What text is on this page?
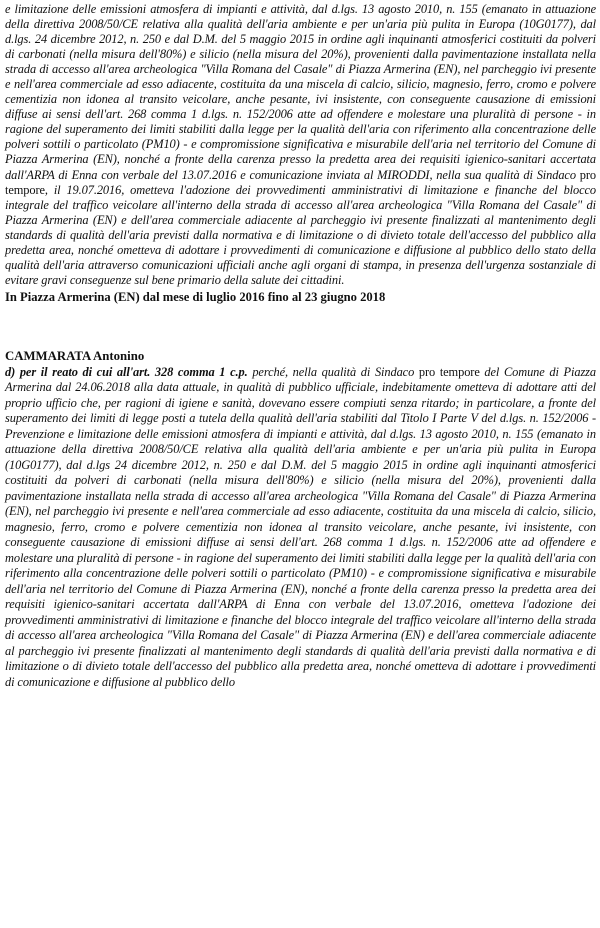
e limitazione delle emissioni atmosfera di impianti e attività, dal d.lgs. 13 agosto 2010, n. 155 (emanato in attuazione della direttiva 2008/50/CE relativa alla qualità dell'aria ambiente e per un'aria più pulita in Europa (10G0177), dal d.lgs. 24 dicembre 2012, n. 250 e dal D.M. del 5 maggio 2015 in ordine agli inquinanti atmosferici costituiti da polveri di carbonati (nella misura dell'80%) e silicio (nella misura del 20%), provenienti dalla pavimentazione installata nella strada di accesso all'area archeologica "Villa Romana del Casale" di Piazza Armerina (EN), nel parcheggio ivi presente e nell'area commerciale ad esso adiacente, costituita da una miscela di calcio, silicio, magnesio, ferro, cromo e polvere cementizia non idonea al transito veicolare, anche pesante, ivi insistente, con conseguente causazione di emissioni diffuse ai sensi dell'art. 268 comma 1 d.lgs. n. 152/2006 atte ad offendere e molestare una pluralità di persone - in ragione del superamento dei limiti stabiliti dalla legge per la qualità dell'aria con riferimento alla concentrazione delle polveri sottili o particolato (PM10) - e compromissione significativa e misurabile dell'aria nel territorio del Comune di Piazza Armerina (EN), nonché a fronte della carenza presso la predetta area dei requisiti igienico-sanitari accertata dall'ARPA di Enna con verbale del 13.07.2016 e comunicazione inviata al MIRODDI, nella sua qualità di Sindaco pro tempore, il 19.07.2016, ometteva l'adozione dei provvedimenti amministrativi di limitazione e finanche del blocco integrale del traffico veicolare all'interno della strada di accesso all'area archeologica "Villa Romana del Casale" di Piazza Armerina (EN) e dell'area commerciale adiacente al parcheggio ivi presente finalizzati al mantenimento degli standards di qualità dell'aria previsti dalla normativa e di limitazione o di divieto totale dell'accesso del pubblico alla predetta area, nonché ometteva di adottare i provvedimenti di comunicazione e diffusione al pubblico dello stato della qualità dell'aria attraverso comunicazioni ufficiali anche agli organi di stampa, in presenza dell'urgenza sostanziale di evitare gravi conseguenze sul bene primario della salute dei cittadini.

In Piazza Armerina (EN) dal mese di luglio 2016 fino al 23 giugno 2018

CAMMARATA Antonino

d) per il reato di cui all'art. 328 comma 1 c.p. perché, nella qualità di Sindaco pro tempore del Comune di Piazza Armerina dal 24.06.2018 alla data attuale, in qualità di pubblico ufficiale, indebitamente ometteva di adottare atti del proprio ufficio che, per ragioni di igiene e sanità, dovevano essere compiuti senza ritardo; in particolare, a fronte del superamento dei limiti di legge posti a tutela della qualità dell'aria stabiliti dal Titolo I Parte V del d.lgs. n. 152/2006 - Prevenzione e limitazione delle emissioni atmosfera di impianti e attività, dal d.lgs. 13 agosto 2010, n. 155 (emanato in attuazione della direttiva 2008/50/CE relativa alla qualità dell'aria ambiente e per un'aria più pulita in Europa (10G0177), dal d.lgs 24 dicembre 2012, n. 250 e dal D.M. del 5 maggio 2015 in ordine agli inquinanti atmosferici costituiti da polveri di carbonati (nella misura dell'80%) e silicio (nella misura del 20%), provenienti dalla pavimentazione installata nella strada di accesso all'area archeologica "Villa Romana del Casale" di Piazza Armerina (EN), nel parcheggio ivi presente e nell'area commerciale ad esso adiacente, costituita da una miscela di calcio, silicio, magnesio, ferro, cromo e polvere cementizia non idonea al transito veicolare, anche pesante, ivi insistente, con conseguente causazione di emissioni diffuse ai sensi dell'art. 268 comma 1 d.lgs. n. 152/2006 atte ad offendere e molestare una pluralità di persone - in ragione del superamento dei limiti stabiliti dalla legge per la qualità dell'aria con riferimento alla concentrazione delle polveri sottili o particolato (PM10) - e compromissione significativa e misurabile dell'aria nel territorio del Comune di Piazza Armerina (EN), nonché a fronte della carenza presso la predetta area dei requisiti igienico-sanitari accertata dall'ARPA di Enna con verbale del 13.07.2016, ometteva l'adozione dei provvedimenti amministrativi di limitazione e finanche del blocco integrale del traffico veicolare all'interno della strada di accesso all'area archeologica "Villa Romana del Casale" di Piazza Armerina (EN) e dell'area commerciale adiacente al parcheggio ivi presente finalizzati al mantenimento degli standards di qualità dell'aria previsti dalla normativa e di limitazione o di divieto totale dell'accesso del pubblico alla predetta area, nonché ometteva di adottare i provvedimenti di comunicazione e diffusione al pubblico dello
